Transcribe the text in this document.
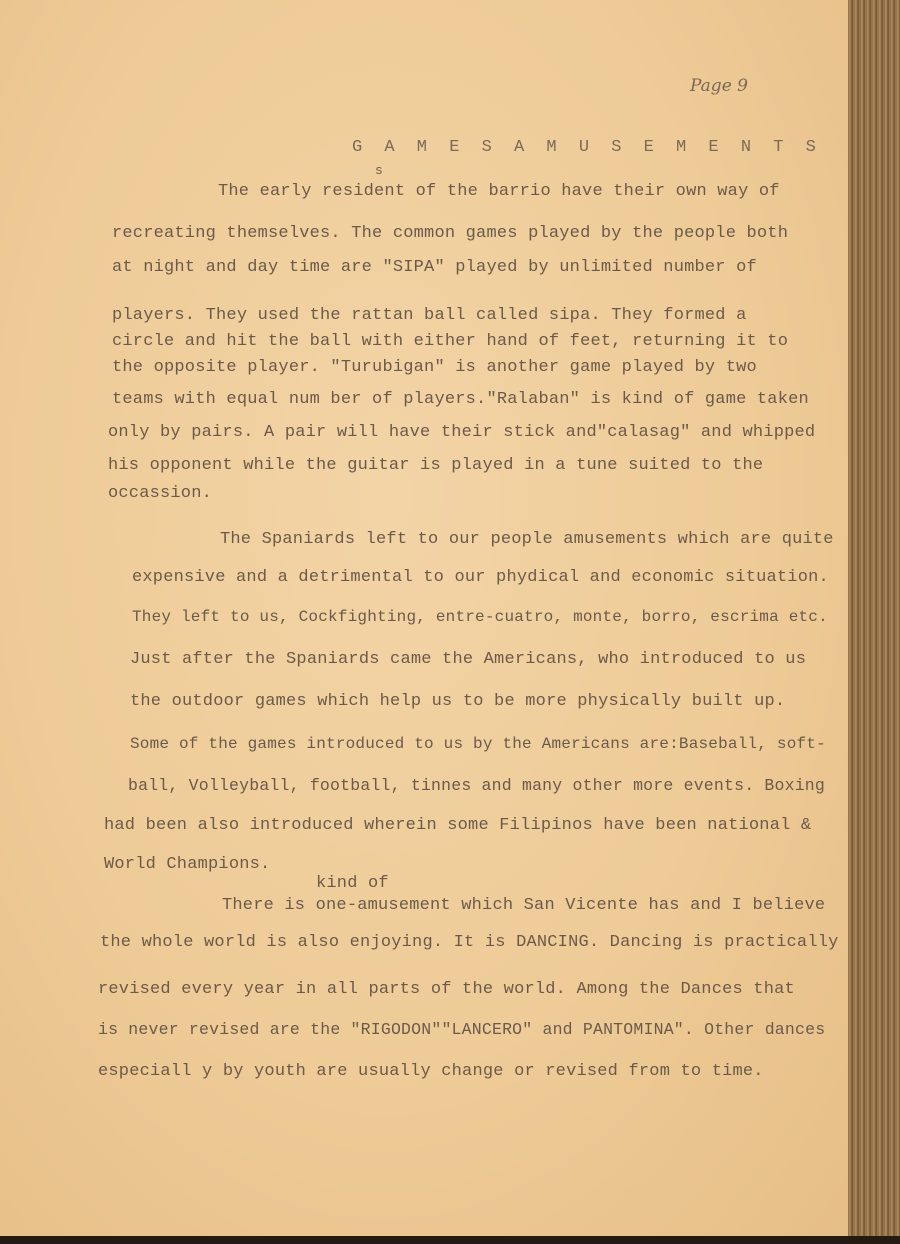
Page 9
G A M E S A M U S E M E N T S
s
The early resident of the barrio have their own way of
recreating themselves. The common games played by the people both
at night and day time are "SIPA" played by unlimited number of
players. They used the rattan ball called sipa. They formed a
circle and hit the ball with either hand of feet, returning it to
the opposite player. "Turubigan" is another game played by two
teams with equal num ber of players."Ralaban" is kind of game taken
only by pairs. A pair will have their stick and"calasag" and whipped
his opponent while the guitar is played in a tune suited to the
occassion.
The Spaniards left to our people amusements which are quite
expensive and a detrimental to our phydical and economic situation.
They left to us, Cockfighting, entre-cuatro, monte, borro, escrima etc.
Just after the Spaniards came the Americans, who introduced to us
the outdoor games which help us to be more physically built up.
Some of the games introduced to us by the Americans are:Baseball, soft-
ball, Volleyball, football, tinnes and many other more events. Boxing
had been also introduced wherein some Filipinos have been national &
World Champions.
kind of
There is one-amusement which San Vicente has and I believe
the whole world is also enjoying. It is DANCING. Dancing is practically
revised every year in all parts of the world. Among the Dances that
is never revised are the "RIGODON""LANCERO" and PANTOMINA". Other dances
especiall y by youth are usually change or revised from to time.
